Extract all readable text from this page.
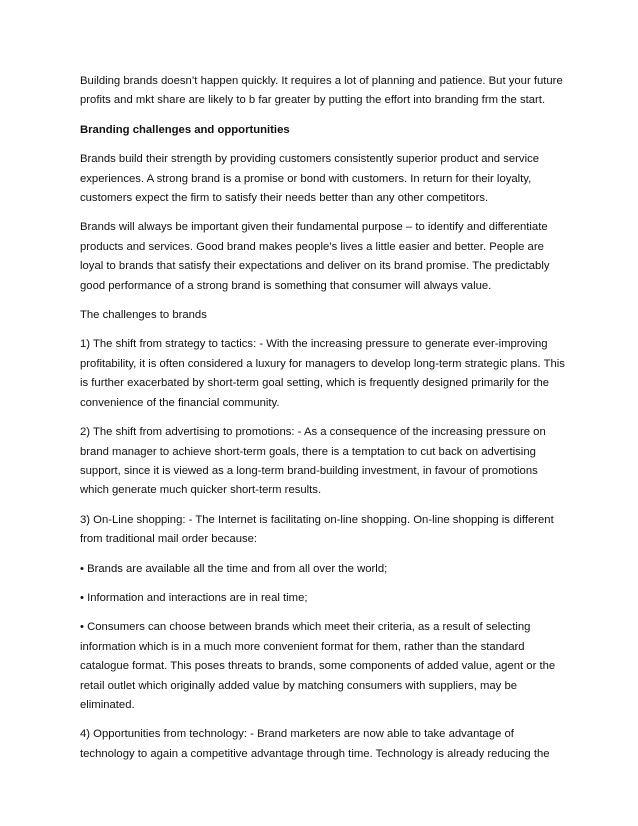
Building brands doesn’t happen quickly. It requires a lot of planning and patience. But your future profits and mkt share are likely to b far greater by putting the effort into branding frm the start.

Branding challenges and opportunities

Brands build their strength by providing customers consistently superior product and service experiences. A strong brand is a promise or bond with customers. In return for their loyalty, customers expect the firm to satisfy their needs better than any other competitors.

Brands will always be important given their fundamental purpose – to identify and differentiate products and services. Good brand makes people’s lives a little easier and better. People are loyal to brands that satisfy their expectations and deliver on its brand promise. The predictably good performance of a strong brand is something that consumer will always value.

The challenges to brands

1) The shift from strategy to tactics: - With the increasing pressure to generate ever-improving profitability, it is often considered a luxury for managers to develop long-term strategic plans. This is further exacerbated by short-term goal setting, which is frequently designed primarily for the convenience of the financial community.

2) The shift from advertising to promotions: - As a consequence of the increasing pressure on brand manager to achieve short-term goals, there is a temptation to cut back on advertising support, since it is viewed as a long-term brand-building investment, in favour of promotions which generate much quicker short-term results.

3) On-Line shopping: - The Internet is facilitating on-line shopping. On-line shopping is different from traditional mail order because:

• Brands are available all the time and from all over the world;

• Information and interactions are in real time;

• Consumers can choose between brands which meet their criteria, as a result of selecting information which is in a much more convenient format for them, rather than the standard catalogue format. This poses threats to brands, some components of added value, agent or the retail outlet which originally added value by matching consumers with suppliers, may be eliminated.

4) Opportunities from technology: - Brand marketers are now able to take advantage of technology to again a competitive advantage through time. Technology is already reducing the
